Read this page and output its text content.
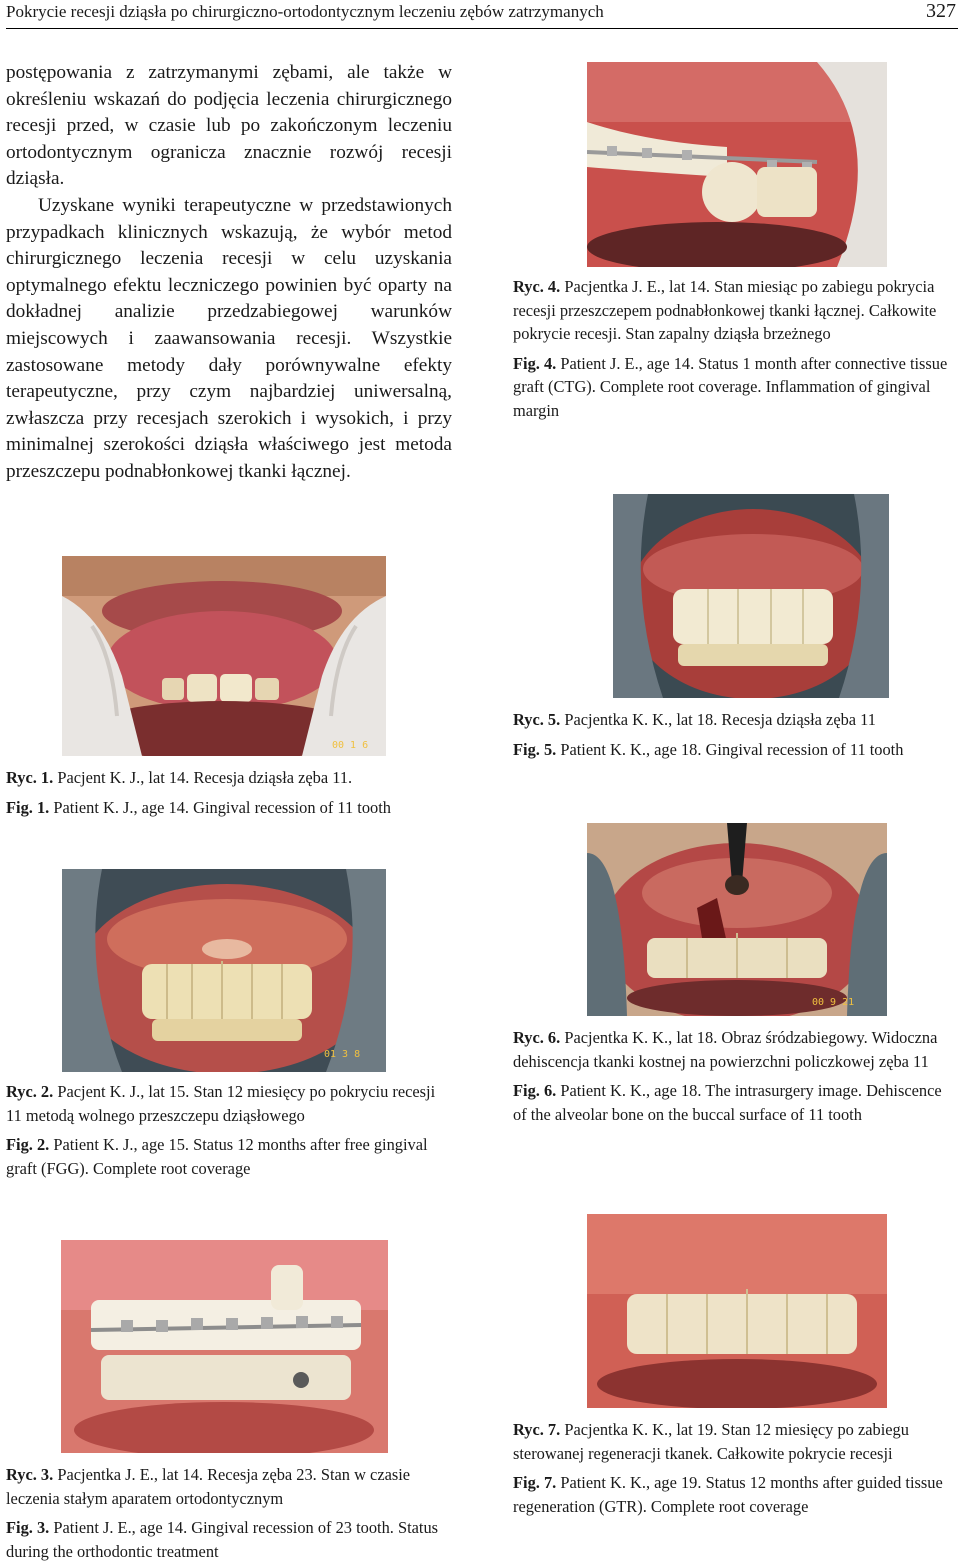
Pokrycie recesji dziąsła po chirurgiczno-ortodontycznym leczeniu zębów zatrzymanych	327

postępowania z zatrzymanymi zębami, ale także w określeniu wskazań do podjęcia leczenia chirurgicznego recesji przed, w czasie lub po zakończonym leczeniu ortodontycznym ogranicza znacznie rozwój recesji dziąsła.

Uzyskane wyniki terapeutyczne w przedstawionych przypadkach klinicznych wskazują, że wybór metod chirurgicznego leczenia recesji w celu uzyskania optymalnego efektu leczniczego powinien być oparty na dokładnej analizie przedzabiegowej warunków miejscowych i zaawansowania recesji. Wszystkie zastosowane metody dały porównywalne efekty terapeutyczne, przy czym najbardziej uniwersalną, zwłaszcza przy recesjach szerokich i wysokich, i przy minimalnej szerokości dziąsła właściwego jest metoda przeszczepu podnabłonkowej tkanki łącznej.

00 1 6

Ryc. 1. Pacjent K. J., lat 14. Recesja dziąsła zęba 11.

Fig. 1. Patient K. J., age 14. Gingival recession of 11 tooth

01 3 8

Ryc. 2. Pacjent K. J., lat 15. Stan 12 miesięcy po pokryciu recesji 11 metodą wolnego przeszczepu dziąsłowego

Fig. 2. Patient K. J., age 15. Status 12 months after free gingival graft (FGG). Complete root coverage

Ryc. 3. Pacjentka J. E., lat 14. Recesja zęba 23. Stan w czasie leczenia stałym aparatem ortodontycznym

Fig. 3. Patient J. E., age 14. Gingival recession of 23 tooth. Status during the orthodontic treatment

Ryc. 4. Pacjentka J. E., lat 14. Stan miesiąc po zabiegu pokrycia recesji przeszczepem podnabłonkowej tkanki łącznej. Całkowite pokrycie recesji. Stan zapalny dziąsła brzeżnego

Fig. 4. Patient J. E., age 14. Status 1 month after connective tissue graft (CTG). Complete root coverage. Inflammation of gingival margin

Ryc. 5. Pacjentka K. K., lat 18. Recesja dziąsła zęba 11

Fig. 5. Patient K. K., age 18. Gingival recession of 11 tooth

00 9 21

Ryc. 6. Pacjentka K. K., lat 18. Obraz śródzabiegowy. Widoczna dehiscencja tkanki kostnej na powierzchni policzkowej zęba 11

Fig. 6. Patient K. K., age 18. The intrasurgery image. Dehiscence of the alveolar bone on the buccal surface of 11 tooth

Ryc. 7. Pacjentka K. K., lat 19. Stan 12 miesięcy po zabiegu sterowanej regeneracji tkanek. Całkowite pokrycie recesji

Fig. 7. Patient K. K., age 19. Status 12 months after guided tissue regeneration (GTR). Complete root coverage
